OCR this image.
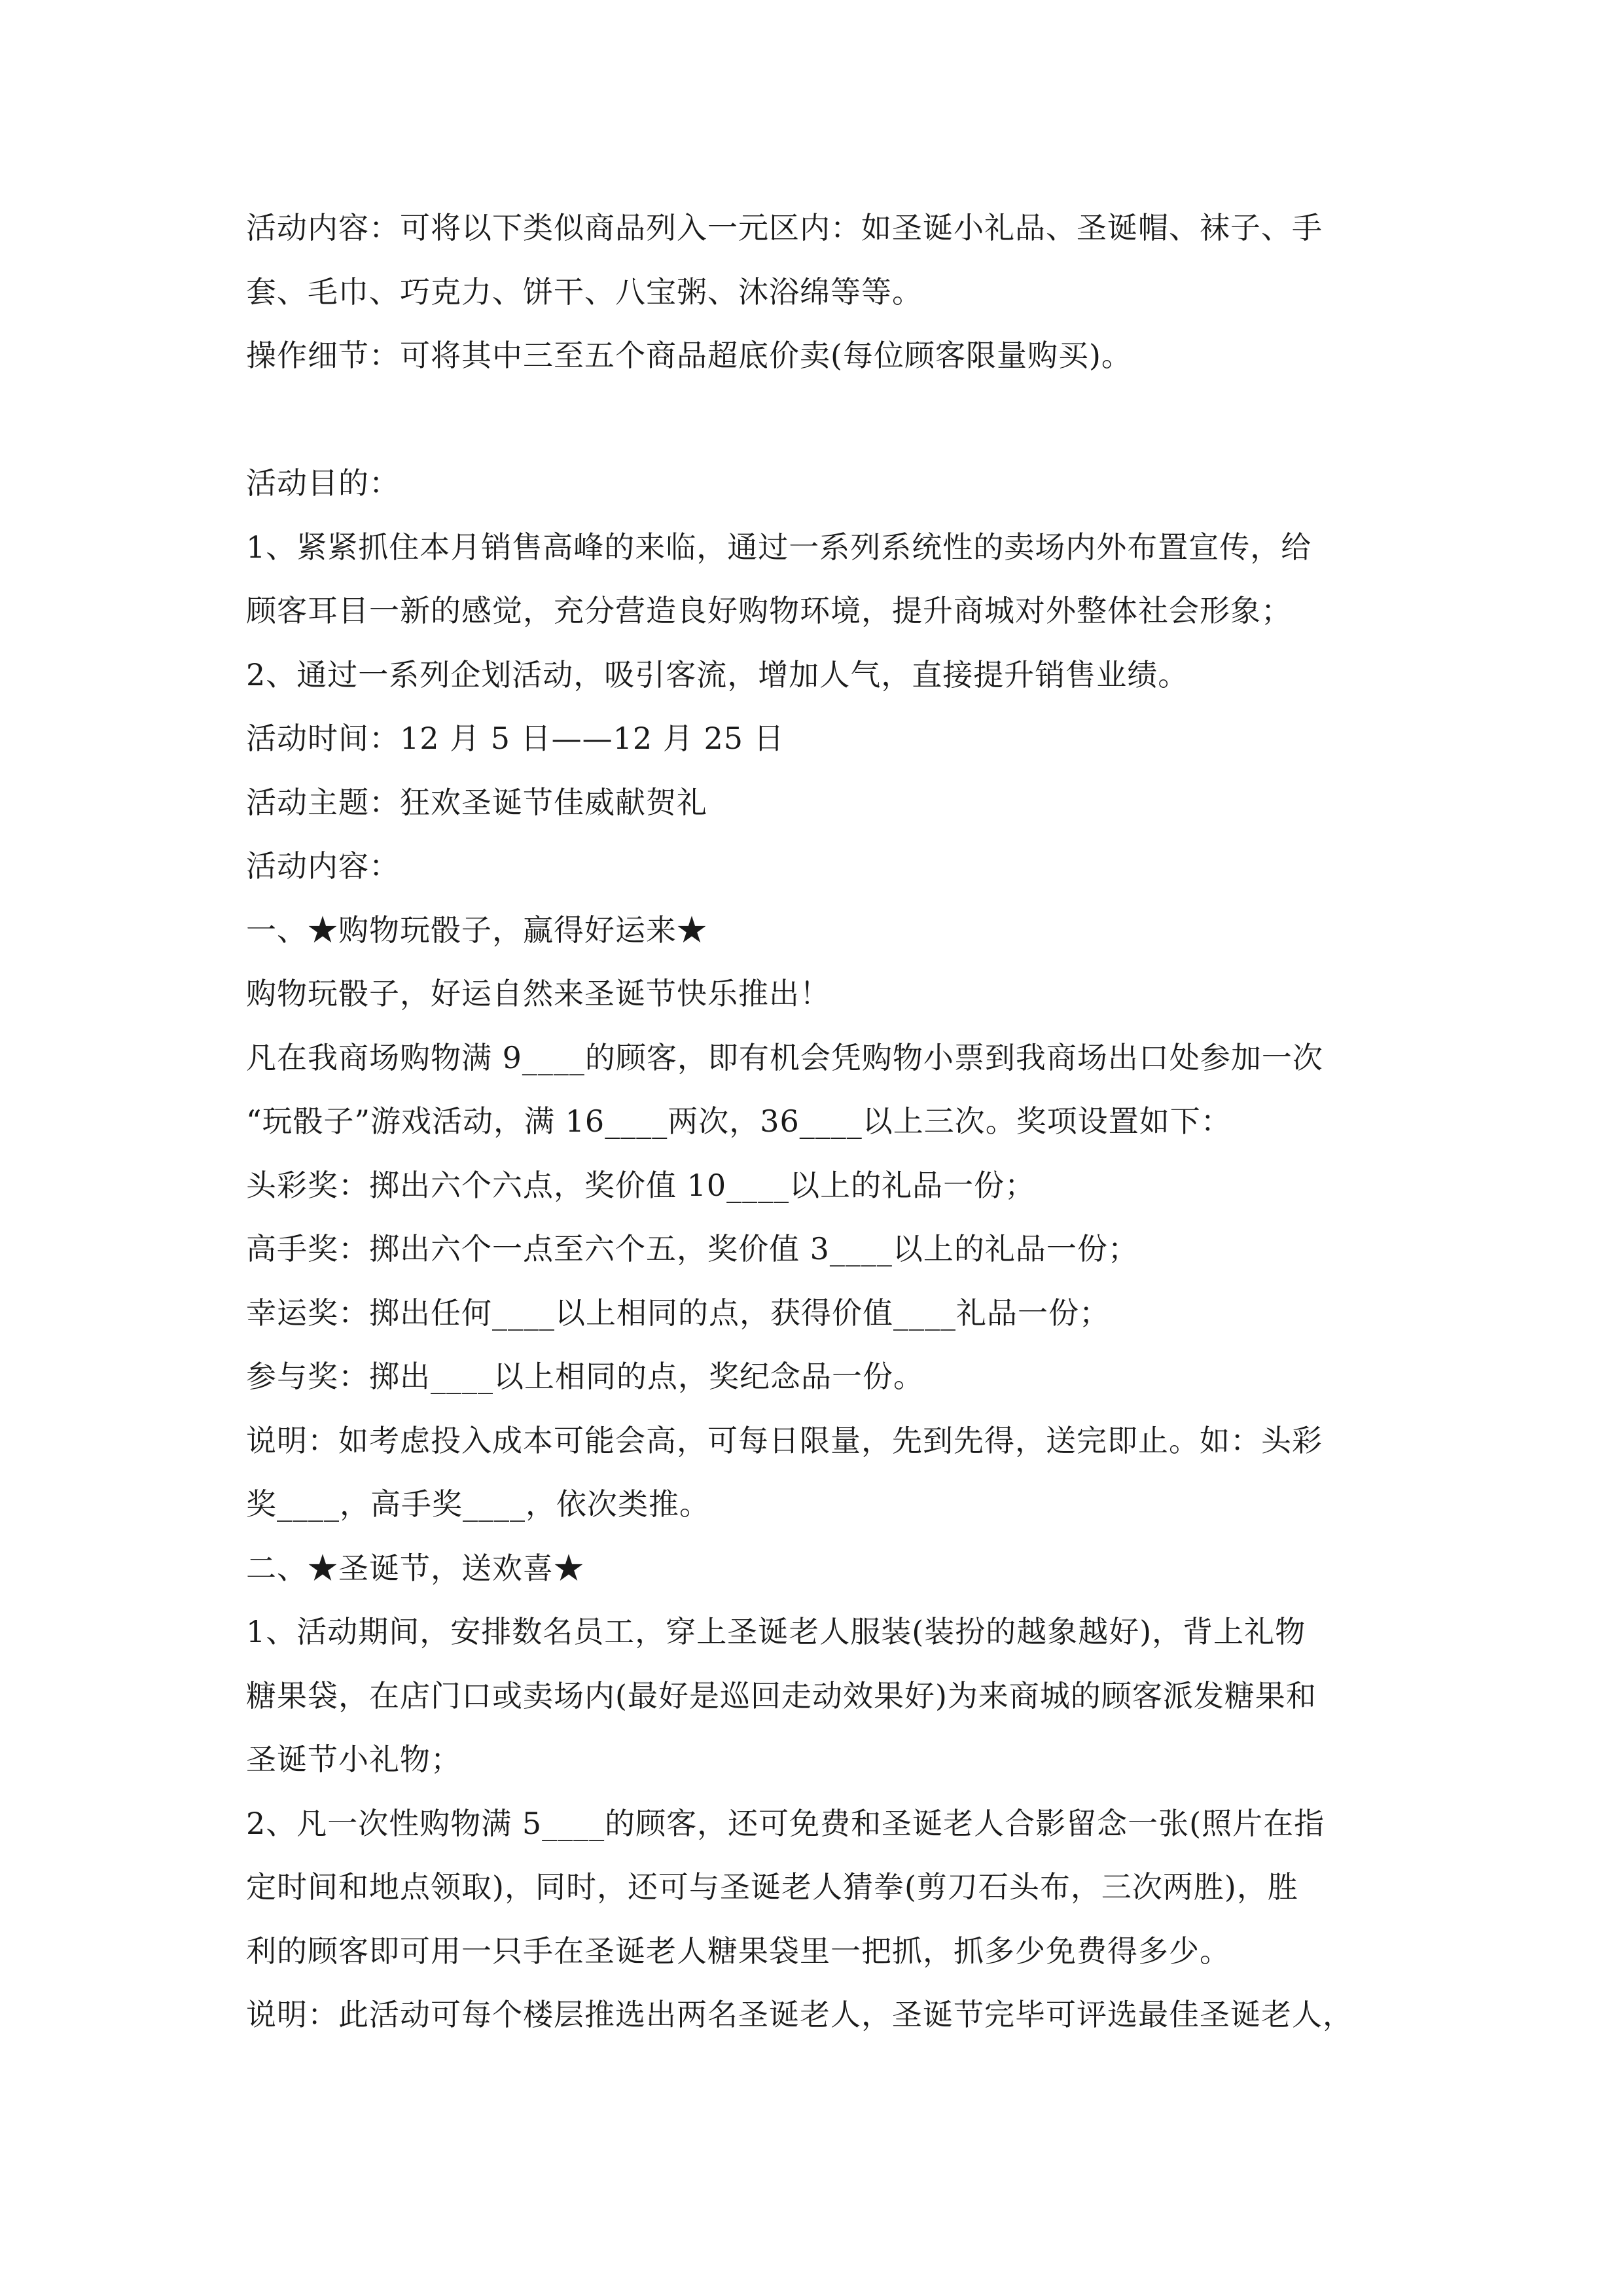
活动内容：可将以下类似商品列入一元区内：如圣诞小礼品、圣诞帽、袜子、手
套、毛巾、巧克力、饼干、八宝粥、沐浴绵等等。
操作细节：可将其中三至五个商品超底价卖(每位顾客限量购买)。
活动目的：
1、紧紧抓住本月销售高峰的来临，通过一系列系统性的卖场内外布置宣传，给
顾客耳目一新的感觉，充分营造良好购物环境，提升商城对外整体社会形象；
2、通过一系列企划活动，吸引客流，增加人气，直接提升销售业绩。
活动时间：12 月 5 日——12 月 25 日
活动主题：狂欢圣诞节佳威献贺礼
活动内容：
一、★购物玩骰子，赢得好运来★
购物玩骰子，好运自然来圣诞节快乐推出！
凡在我商场购物满 9____的顾客，即有机会凭购物小票到我商场出口处参加一次
“玩骰子”游戏活动，满 16____两次，36____以上三次。奖项设置如下：
头彩奖：掷出六个六点，奖价值 10____以上的礼品一份；
高手奖：掷出六个一点至六个五，奖价值 3____以上的礼品一份；
幸运奖：掷出任何____以上相同的点，获得价值____礼品一份；
参与奖：掷出____以上相同的点，奖纪念品一份。
说明：如考虑投入成本可能会高，可每日限量，先到先得，送完即止。如：头彩
奖____，高手奖____，依次类推。
二、★圣诞节，送欢喜★
1、活动期间，安排数名员工，穿上圣诞老人服装(装扮的越象越好)，背上礼物
糖果袋，在店门口或卖场内(最好是巡回走动效果好)为来商城的顾客派发糖果和
圣诞节小礼物；
2、凡一次性购物满 5____的顾客，还可免费和圣诞老人合影留念一张(照片在指
定时间和地点领取)，同时，还可与圣诞老人猜拳(剪刀石头布，三次两胜)，胜
利的顾客即可用一只手在圣诞老人糖果袋里一把抓，抓多少免费得多少。
说明：此活动可每个楼层推选出两名圣诞老人，圣诞节完毕可评选最佳圣诞老人，
